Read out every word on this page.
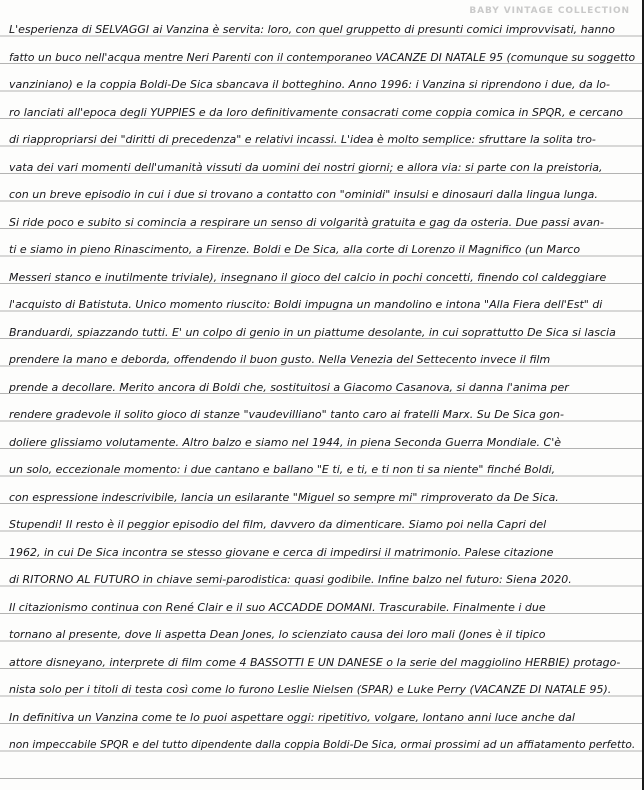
BABY VINTAGE COLLECTION

L'esperienza di SELVAGGI ai Vanzina è servita: loro, con quel gruppetto di presunti comici improvvisati, hanno

fatto un buco nell'acqua mentre Neri Parenti con il contemporaneo VACANZE DI NATALE 95 (comunque su soggetto

vanziniano) e la coppia Boldi-De Sica sbancava il botteghino. Anno 1996: i Vanzina si riprendono i due, da lo-

ro lanciati all'epoca degli YUPPIES e da loro definitivamente consacrati come coppia comica in SPQR, e cercano

di riappropriarsi dei "diritti di precedenza" e relativi incassi. L'idea è molto semplice: sfruttare la solita tro-

vata dei vari momenti dell'umanità vissuti da uomini dei nostri giorni; e allora via: si parte con la preistoria,

con un breve episodio in cui i due si trovano a contatto con "ominidi" insulsi e dinosauri dalla lingua lunga.

Si ride poco e subito si comincia a respirare un senso di volgarità gratuita e gag da osteria. Due passi avan-

ti e siamo in pieno Rinascimento, a Firenze. Boldi e De Sica, alla corte di Lorenzo il Magnifico (un Marco

Messeri stanco e inutilmente triviale), insegnano il gioco del calcio in pochi concetti, finendo col caldeggiare

l'acquisto di Batistuta. Unico momento riuscito: Boldi impugna un mandolino e intona "Alla Fiera dell'Est" di

Branduardi, spiazzando tutti. E' un colpo di genio in un piattume desolante, in cui soprattutto De Sica si lascia

prendere la mano e deborda, offendendo il buon gusto. Nella Venezia del Settecento invece il film

prende a decollare. Merito ancora di Boldi che, sostituitosi a Giacomo Casanova, si danna l'anima per

rendere gradevole il solito gioco di stanze "vaudevilliano" tanto caro ai fratelli Marx. Su De Sica gon-

doliere glissiamo volutamente. Altro balzo e siamo nel 1944, in piena Seconda Guerra Mondiale. C'è

un solo, eccezionale momento: i due cantano e ballano "E ti, e ti, e ti non ti sa niente" finché Boldi,

con espressione indescrivibile, lancia un esilarante "Miguel so sempre mi" rimproverato da De Sica.

Stupendi! Il resto è il peggior episodio del film, davvero da dimenticare. Siamo poi nella Capri del

1962, in cui De Sica incontra se stesso giovane e cerca di impedirsi il matrimonio. Palese citazione

di RITORNO AL FUTURO in chiave semi-parodistica: quasi godibile. Infine balzo nel futuro: Siena 2020.

Il citazionismo continua con René Clair e il suo ACCADDE DOMANI. Trascurabile. Finalmente i due

tornano al presente, dove li aspetta Dean Jones, lo scienziato causa dei loro mali (Jones è il tipico

attore disneyano, interprete di film come 4 BASSOTTI E UN DANESE o la serie del maggiolino HERBIE) protago-

nista solo per i titoli di testa così come lo furono Leslie Nielsen (SPAR) e Luke Perry (VACANZE DI NATALE 95).

In definitiva un Vanzina come te lo puoi aspettare oggi: ripetitivo, volgare, lontano anni luce anche dal

non impeccabile SPQR e del tutto dipendente dalla coppia Boldi-De Sica, ormai prossimi ad un affiatamento perfetto.
